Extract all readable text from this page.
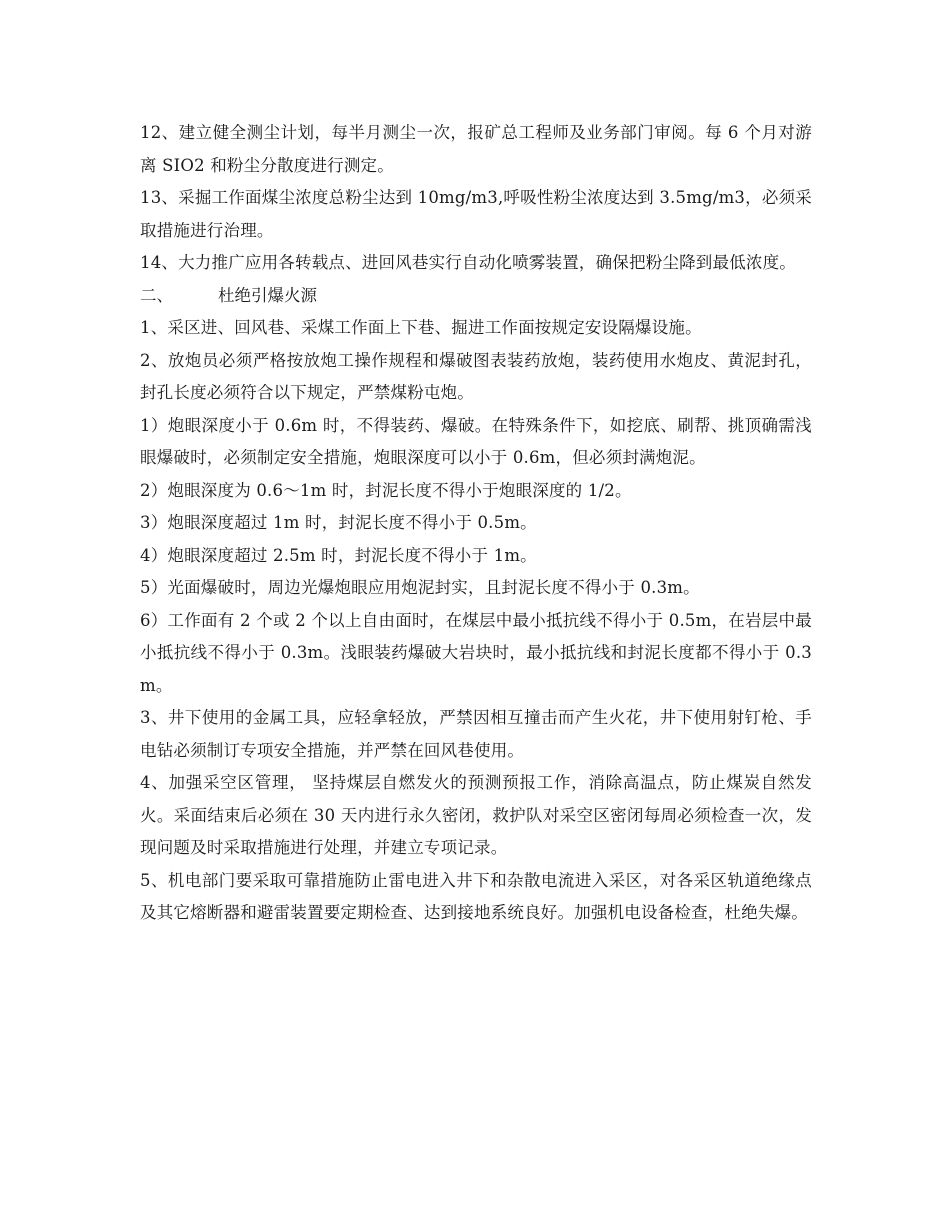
12、建立健全测尘计划，每半月测尘一次，报矿总工程师及业务部门审阅。每 6 个月对游离 SIO2 和粉尘分散度进行测定。

13、采掘工作面煤尘浓度总粉尘达到 10mg/m3,呼吸性粉尘浓度达到 3.5mg/m3，必须采取措施进行治理。

14、大力推广应用各转载点、进回风巷实行自动化喷雾装置，确保把粉尘降到最低浓度。

二、	杜绝引爆火源

1、采区进、回风巷、采煤工作面上下巷、掘进工作面按规定安设隔爆设施。

2、放炮员必须严格按放炮工操作规程和爆破图表装药放炮，装药使用水炮皮、黄泥封孔，封孔长度必须符合以下规定，严禁煤粉屯炮。

1）炮眼深度小于 0.6m 时，不得装药、爆破。在特殊条件下，如挖底、刷帮、挑顶确需浅眼爆破时，必须制定安全措施，炮眼深度可以小于 0.6m，但必须封满炮泥。

2）炮眼深度为 0.6～1m 时，封泥长度不得小于炮眼深度的 1/2。

3）炮眼深度超过 1m 时，封泥长度不得小于 0.5m。

4）炮眼深度超过 2.5m 时，封泥长度不得小于 1m。

5）光面爆破时，周边光爆炮眼应用炮泥封实，且封泥长度不得小于 0.3m。

6）工作面有 2 个或 2 个以上自由面时，在煤层中最小抵抗线不得小于 0.5m，在岩层中最小抵抗线不得小于 0.3m。浅眼装药爆破大岩块时，最小抵抗线和封泥长度都不得小于 0.3m。

3、井下使用的金属工具，应轻拿轻放，严禁因相互撞击而产生火花，井下使用射钉枪、手电钻必须制订专项安全措施，并严禁在回风巷使用。

4、加强采空区管理， 坚持煤层自燃发火的预测预报工作，消除高温点，防止煤炭自然发火。采面结束后必须在 30 天内进行永久密闭，救护队对采空区密闭每周必须检查一次，发现问题及时采取措施进行处理，并建立专项记录。

5、机电部门要采取可靠措施防止雷电进入井下和杂散电流进入采区，对各采区轨道绝缘点及其它熔断器和避雷装置要定期检查、达到接地系统良好。加强机电设备检查，杜绝失爆。
